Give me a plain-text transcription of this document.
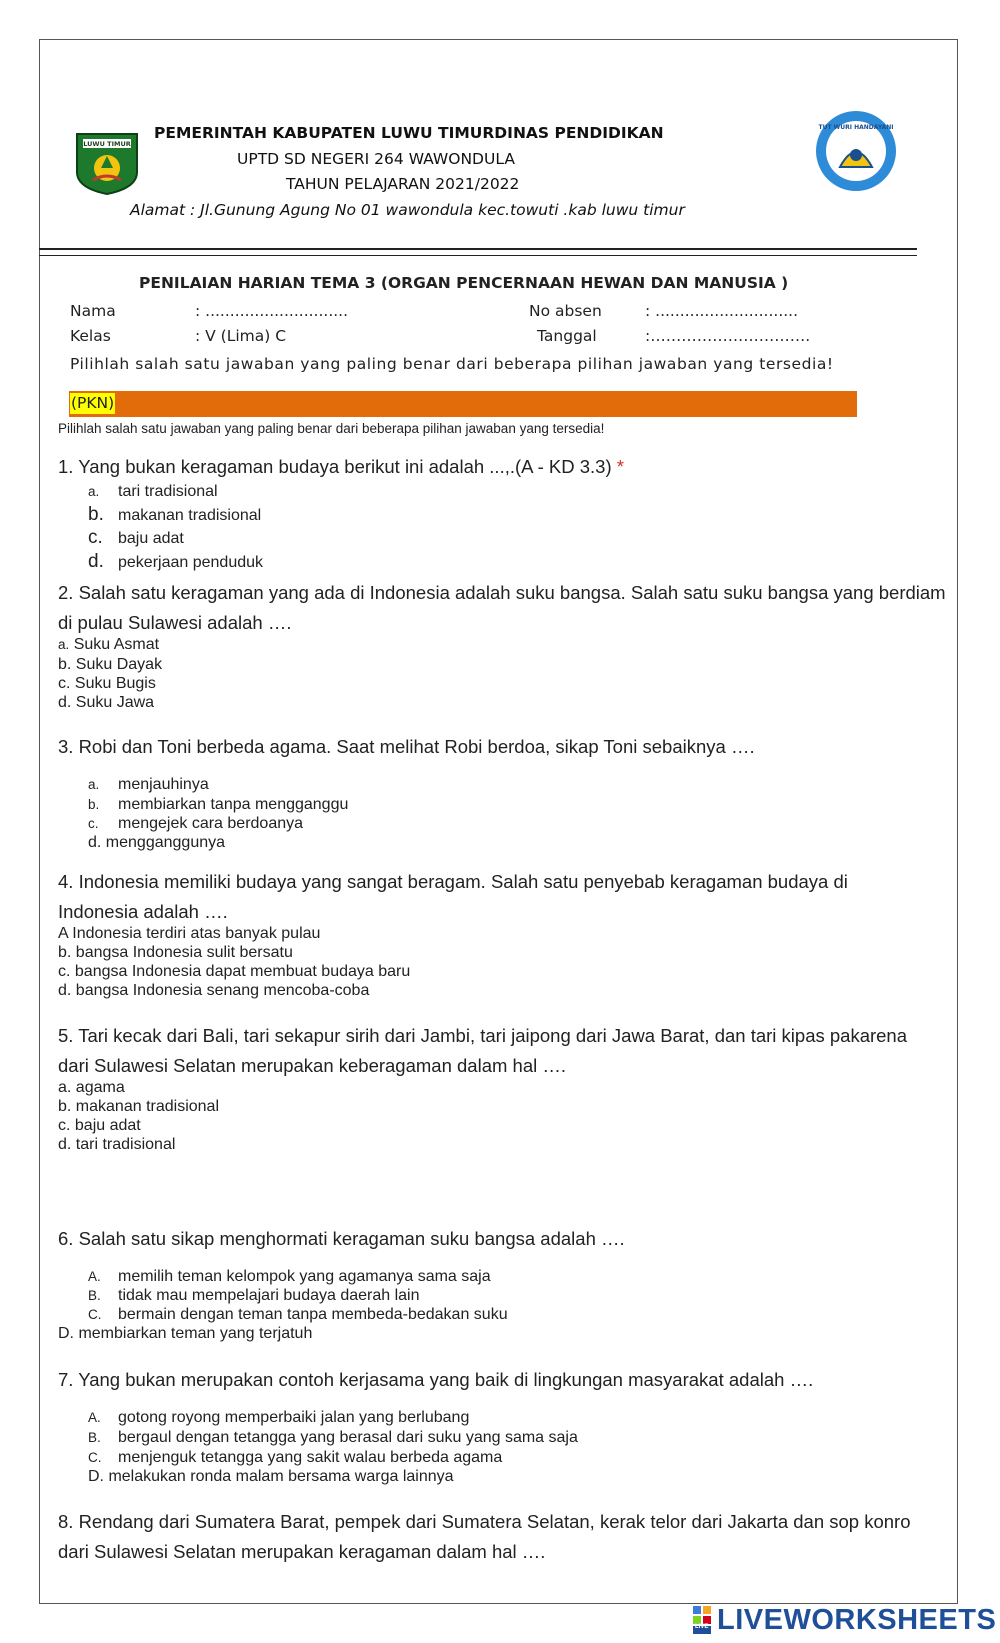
LUWU TIMUR
TUT WURI HANDAYANI
PEMERINTAH KABUPATEN LUWU TIMURDINAS PENDIDIKAN
UPTD SD NEGERI 264 WAWONDULA
TAHUN PELAJARAN 2021/2022
Alamat : Jl.Gunung Agung No 01 wawondula kec.towuti .kab luwu timur
PENILAIAN HARIAN TEMA 3 (ORGAN PENCERNAAN HEWAN DAN MANUSIA )
Nama	: .............................	No absen	: .............................
Kelas	: V (Lima) C	Tanggal	:………………………….
Pilihlah salah satu jawaban yang paling benar dari beberapa pilihan jawaban yang tersedia!
(PKN)
Pilihlah salah satu jawaban yang paling benar dari beberapa pilihan jawaban yang tersedia!
1. Yang bukan keragaman budaya berikut ini adalah ...,.(A - KD 3.3) *
a. tari tradisional
b. makanan tradisional
c. baju adat
d. pekerjaan penduduk
2. Salah satu keragaman yang ada di Indonesia adalah suku bangsa. Salah satu suku bangsa yang berdiam di pulau Sulawesi adalah ….
a. Suku Asmat
b. Suku Dayak
c. Suku Bugis
d. Suku Jawa
3. Robi dan Toni berbeda agama. Saat melihat Robi berdoa, sikap Toni sebaiknya ….
a. menjauhinya
b. membiarkan tanpa mengganggu
c. mengejek cara berdoanya
d. mengganggunya
4. Indonesia memiliki budaya yang sangat beragam. Salah satu penyebab keragaman budaya di Indonesia adalah ….
A Indonesia terdiri atas banyak pulau
b. bangsa Indonesia sulit bersatu
c. bangsa Indonesia dapat membuat budaya baru
d. bangsa Indonesia senang mencoba-coba
5. Tari kecak dari Bali, tari sekapur sirih dari Jambi, tari jaipong dari Jawa Barat, dan tari kipas pakarena dari Sulawesi Selatan merupakan keberagaman dalam hal ….
a. agama
b. makanan tradisional
c. baju adat
d. tari tradisional
6. Salah satu sikap menghormati keragaman suku bangsa adalah ….
A. memilih teman kelompok yang agamanya sama saja
B. tidak mau mempelajari budaya daerah lain
C. bermain dengan teman tanpa membeda-bedakan suku
D. membiarkan teman yang terjatuh
7. Yang bukan merupakan contoh kerjasama yang baik di lingkungan masyarakat adalah ….
A. gotong royong memperbaiki jalan yang berlubang
B. bergaul dengan tetangga yang berasal dari suku yang sama saja
C. menjenguk tetangga yang sakit walau berbeda agama
D. melakukan ronda malam bersama warga lainnya
8. Rendang dari Sumatera Barat, pempek dari Sumatera Selatan, kerak telor dari Jakarta dan sop konro dari Sulawesi Selatan merupakan keragaman dalam hal ….
LIVE LIVEWORKSHEETS
